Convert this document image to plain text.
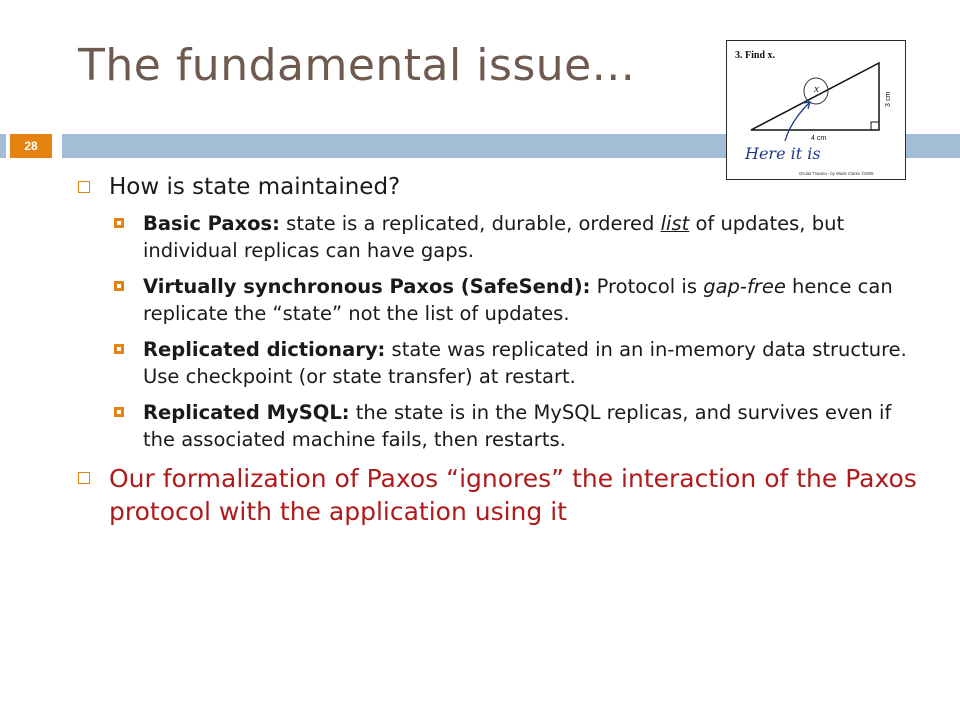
The fundamental issue...
28
3. Find x.
x
3 cm
4 cm
Here it is
Ocular Trauma - by Wade Clarke ©2005
How is state maintained?
Basic Paxos: state is a replicated, durable, ordered list of updates, but individual replicas can have gaps.
Virtually synchronous Paxos (SafeSend): Protocol is gap-free hence can replicate the “state” not the list of updates.
Replicated dictionary: state was replicated in an in-memory data structure. Use checkpoint (or state transfer) at restart.
Replicated MySQL: the state is in the MySQL replicas, and survives even if the associated machine fails, then restarts.
Our formalization of Paxos “ignores” the interaction of the Paxos protocol with the application using it
